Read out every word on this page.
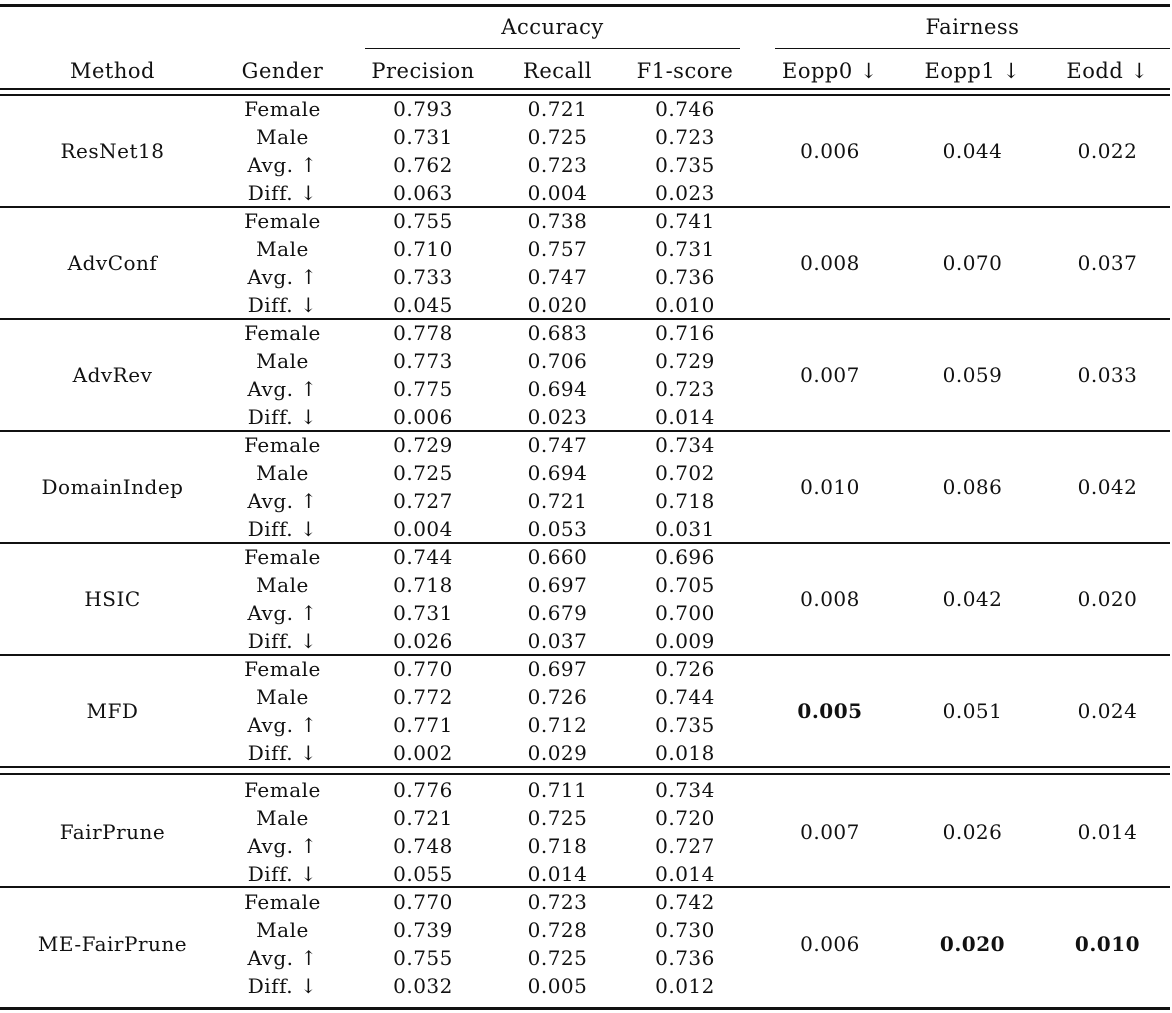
Accuracy	Fairness
Method	Gender	Precision	Recall	F1-score	Eopp0 ↓	Eopp1 ↓	Eodd ↓
ResNet18
Female	0.793	0.721	0.746
Male	0.731	0.725	0.723
Avg. ↑	0.762	0.723	0.735
Diff. ↓	0.063	0.004	0.023
0.006	0.044	0.022
AdvConf
Female	0.755	0.738	0.741
Male	0.710	0.757	0.731
Avg. ↑	0.733	0.747	0.736
Diff. ↓	0.045	0.020	0.010
0.008	0.070	0.037
AdvRev
Female	0.778	0.683	0.716
Male	0.773	0.706	0.729
Avg. ↑	0.775	0.694	0.723
Diff. ↓	0.006	0.023	0.014
0.007	0.059	0.033
DomainIndep
Female	0.729	0.747	0.734
Male	0.725	0.694	0.702
Avg. ↑	0.727	0.721	0.718
Diff. ↓	0.004	0.053	0.031
0.010	0.086	0.042
HSIC
Female	0.744	0.660	0.696
Male	0.718	0.697	0.705
Avg. ↑	0.731	0.679	0.700
Diff. ↓	0.026	0.037	0.009
0.008	0.042	0.020
MFD
Female	0.770	0.697	0.726
Male	0.772	0.726	0.744
Avg. ↑	0.771	0.712	0.735
Diff. ↓	0.002	0.029	0.018
0.005	0.051	0.024
FairPrune
Female	0.776	0.711	0.734
Male	0.721	0.725	0.720
Avg. ↑	0.748	0.718	0.727
Diff. ↓	0.055	0.014	0.014
0.007	0.026	0.014
ME-FairPrune
Female	0.770	0.723	0.742
Male	0.739	0.728	0.730
Avg. ↑	0.755	0.725	0.736
Diff. ↓	0.032	0.005	0.012
0.006	0.020	0.010
